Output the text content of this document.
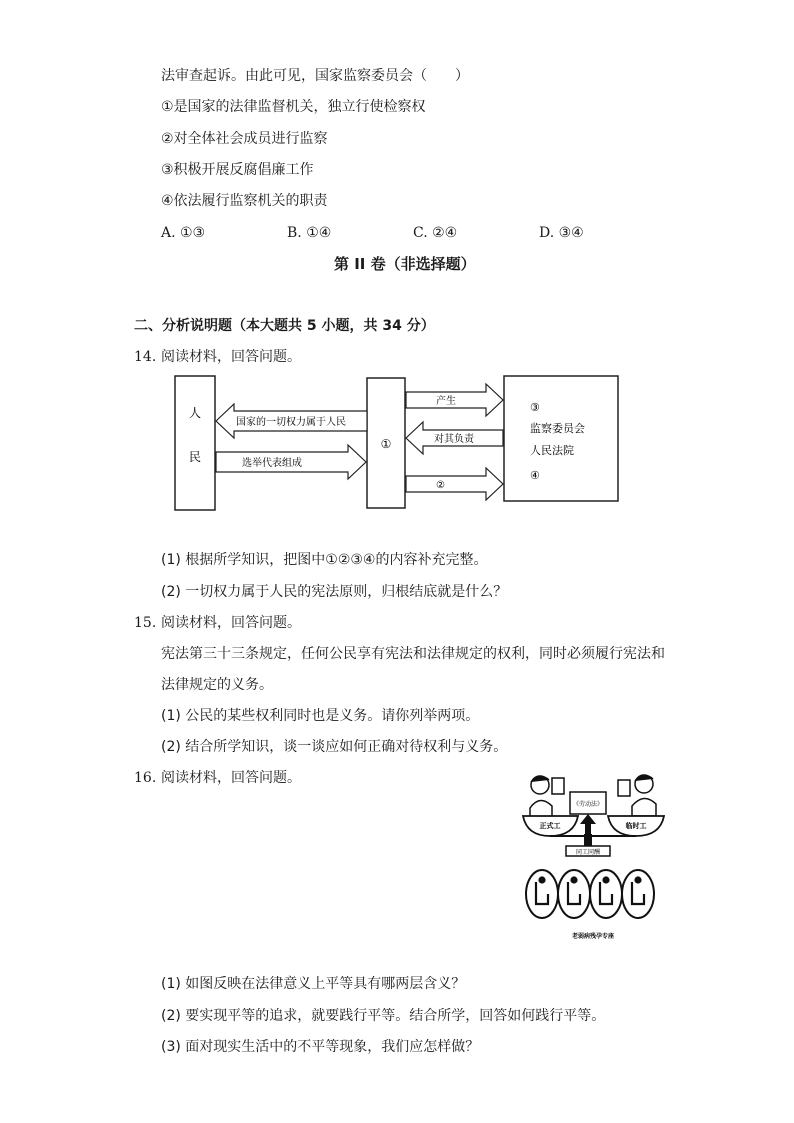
法审查起诉。由此可见，国家监察委员会（　　）
①是国家的法律监督机关，独立行使检察权
②对全体社会成员进行监察
③积极开展反腐倡廉工作
④依法履行监察机关的职责
A. ①③	B. ①④	C. ②④	D. ③④
第 II 卷（非选择题）
二、分析说明题（本大题共 5 小题，共 34 分）
14. 阅读材料，回答问题。
人
民
①
③
监察委员会
人民法院
④
国家的一切权力属于人民
选举代表组成
产生
对其负责
②
(1) 根据所学知识，把图中①②③④的内容补充完整。
(2) 一切权力属于人民的宪法原则，归根结底就是什么？
15. 阅读材料，回答问题。
宪法第三十三条规定，任何公民享有宪法和法律规定的权利，同时必须履行宪法和
法律规定的义务。
(1) 公民的某些权利同时也是义务。请你列举两项。
(2) 结合所学知识，谈一谈应如何正确对待权利与义务。
16. 阅读材料，回答问题。
《劳动法》
正式工	临时工
同工同酬
老弱病残孕专座
(1) 如图反映在法律意义上平等具有哪两层含义？
(2) 要实现平等的追求，就要践行平等。结合所学，回答如何践行平等。
(3) 面对现实生活中的不平等现象，我们应怎样做？
